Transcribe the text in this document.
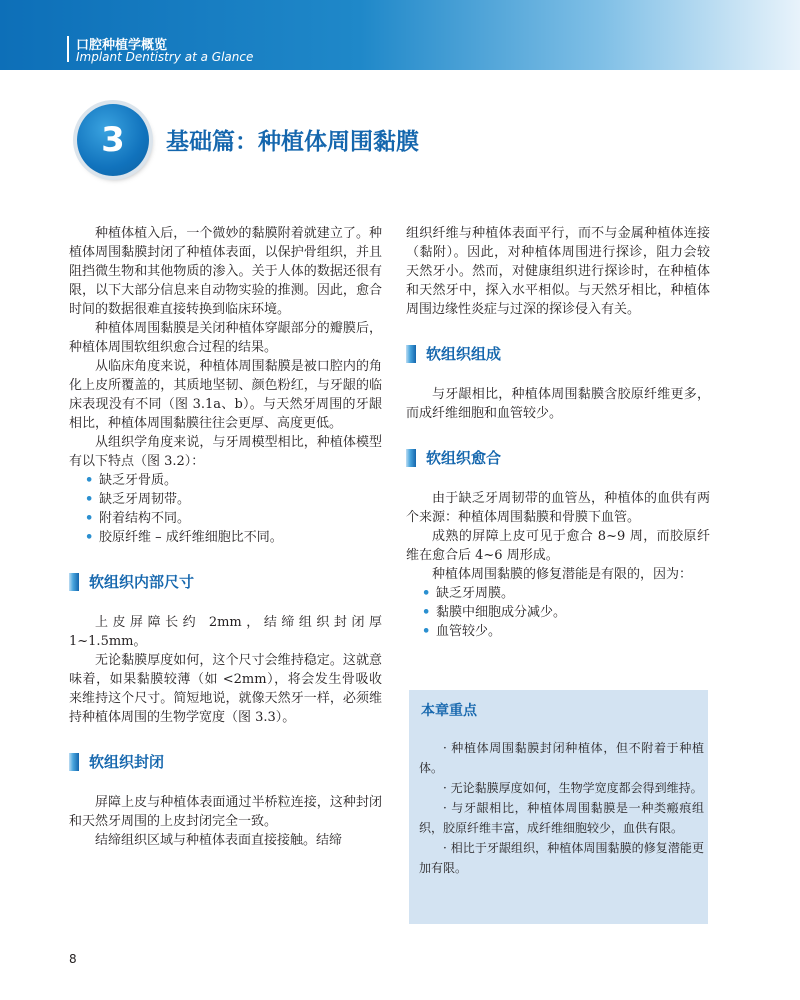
口腔种植学概览
Implant Dentistry at a Glance
3	基础篇：种植体周围黏膜

种植体植入后，一个微妙的黏膜附着就建立了。种植体周围黏膜封闭了种植体表面，以保护骨组织，并且阻挡微生物和其他物质的渗入。关于人体的数据还很有限，以下大部分信息来自动物实验的推测。因此，愈合时间的数据很难直接转换到临床环境。

种植体周围黏膜是关闭种植体穿龈部分的瓣膜后，种植体周围软组织愈合过程的结果。

从临床角度来说，种植体周围黏膜是被口腔内的角化上皮所覆盖的，其质地坚韧、颜色粉红，与牙龈的临床表现没有不同（图 3.1a、b）。与天然牙周围的牙龈相比，种植体周围黏膜往往会更厚、高度更低。

从组织学角度来说，与牙周模型相比，种植体模型有以下特点（图 3.2）：

• 缺乏牙骨质。
• 缺乏牙周韧带。
• 附着结构不同。
• 胶原纤维 – 成纤维细胞比不同。
软组织内部尺寸

上皮屏障长约 2mm，结缔组织封闭厚 1~1.5mm。

无论黏膜厚度如何，这个尺寸会维持稳定。这就意味着，如果黏膜较薄（如 <2mm），将会发生骨吸收来维持这个尺寸。简短地说，就像天然牙一样，必须维持种植体周围的生物学宽度（图 3.3）。

软组织封闭

屏障上皮与种植体表面通过半桥粒连接，这种封闭和天然牙周围的上皮封闭完全一致。

结缔组织区域与种植体表面直接接触。结缔

组织纤维与种植体表面平行，而不与金属种植体连接（黏附）。因此，对种植体周围进行探诊，阻力会较天然牙小。然而，对健康组织进行探诊时，在种植体和天然牙中，探入水平相似。与天然牙相比，种植体周围边缘性炎症与过深的探诊侵入有关。

软组织组成

与牙龈相比，种植体周围黏膜含胶原纤维更多，而成纤维细胞和血管较少。

软组织愈合

由于缺乏牙周韧带的血管丛，种植体的血供有两个来源：种植体周围黏膜和骨膜下血管。

成熟的屏障上皮可见于愈合 8~9 周，而胶原纤维在愈合后 4~6 周形成。

种植体周围黏膜的修复潜能是有限的，因为：

• 缺乏牙周膜。
• 黏膜中细胞成分减少。
• 血管较少。
本章重点

· 种植体周围黏膜封闭种植体，但不附着于种植体。

· 无论黏膜厚度如何，生物学宽度都会得到维持。

· 与牙龈相比，种植体周围黏膜是一种类瘢痕组织，胶原纤维丰富，成纤维细胞较少，血供有限。

· 相比于牙龈组织，种植体周围黏膜的修复潜能更加有限。

8
